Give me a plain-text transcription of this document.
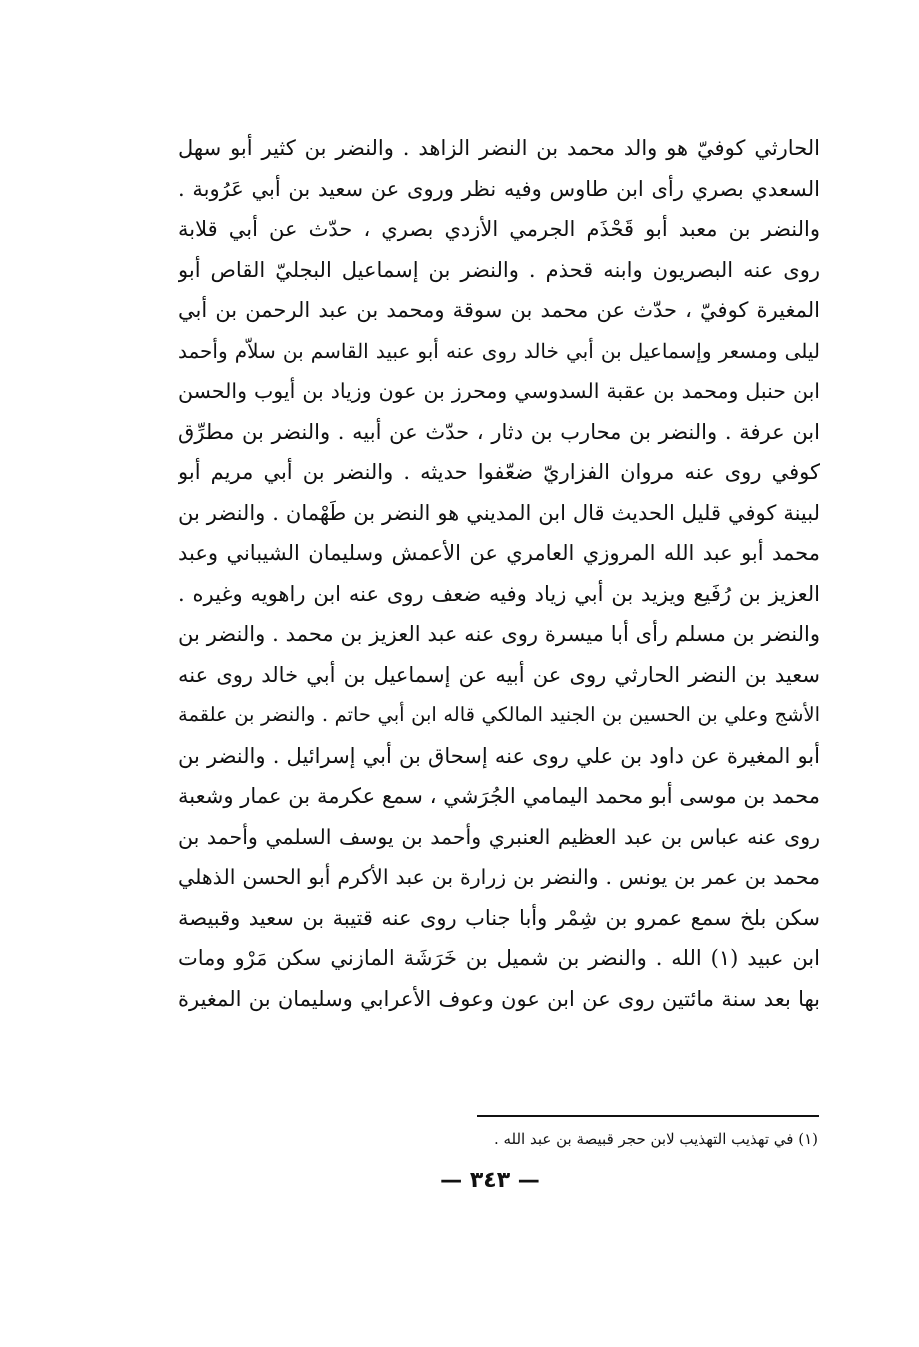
الحارثي كوفيّ هو والد محمد بن النضر الزاهد . والنضر بن كثير أبو سهل
السعدي بصري رأى ابن طاوس وفيه نظر وروى عن سعيد بن أبي عَرُوبة .
والنضر بن معبد أبو قَحْذَم الجرمي الأزدي بصري ، حدّث عن أبي قلابة
روى عنه البصريون وابنه قحذم . والنضر بن إسماعيل البجليّ القاص أبو
المغيرة كوفيّ ، حدّث عن محمد بن سوقة ومحمد بن عبد الرحمن بن أبي
ليلى ومسعر وإسماعيل بن أبي خالد روى عنه أبو عبيد القاسم بن سلاّم وأحمد
ابن حنبل ومحمد بن عقبة السدوسي ومحرز بن عون وزياد بن أيوب والحسن
ابن عرفة . والنضر بن محارب بن دثار ، حدّث عن أبيه . والنضر بن مطرِّق
كوفي روى عنه مروان الفزاريّ ضعّفوا حديثه . والنضر بن أبي مريم أبو
لبينة كوفي قليل الحديث قال ابن المديني هو النضر بن طَهْمان . والنضر بن
محمد أبو عبد الله المروزي العامري عن الأعمش وسليمان الشيباني وعبد
العزيز بن رُفَيع ويزيد بن أبي زياد وفيه ضعف روى عنه ابن راهويه وغيره .
والنضر بن مسلم رأى أبا ميسرة روى عنه عبد العزيز بن محمد . والنضر بن
سعيد بن النضر الحارثي روى عن أبيه عن إسماعيل بن أبي خالد روى عنه
الأشج وعلي بن الحسين بن الجنيد المالكي قاله ابن أبي حاتم . والنضر بن علقمة
أبو المغيرة عن داود بن علي روى عنه إسحاق بن أبي إسرائيل . والنضر بن
محمد بن موسى أبو محمد اليمامي الجُرَشي ، سمع عكرمة بن عمار وشعبة
روى عنه عباس بن عبد العظيم العنبري وأحمد بن يوسف السلمي وأحمد بن
محمد بن عمر بن يونس . والنضر بن زرارة بن عبد الأكرم أبو الحسن الذهلي
سكن بلخ سمع عمرو بن شِمْر وأبا جناب روى عنه قتيبة بن سعيد وقبيصة
ابن عبيد (١) الله . والنضر بن شميل بن خَرَشَة المازني سكن مَرْو ومات
بها بعد سنة مائتين روى عن ابن عون وعوف الأعرابي وسليمان بن المغيرة
(١) في تهذيب التهذيب لابن حجر قبيصة بن عبد الله .
— ٣٤٣ —
